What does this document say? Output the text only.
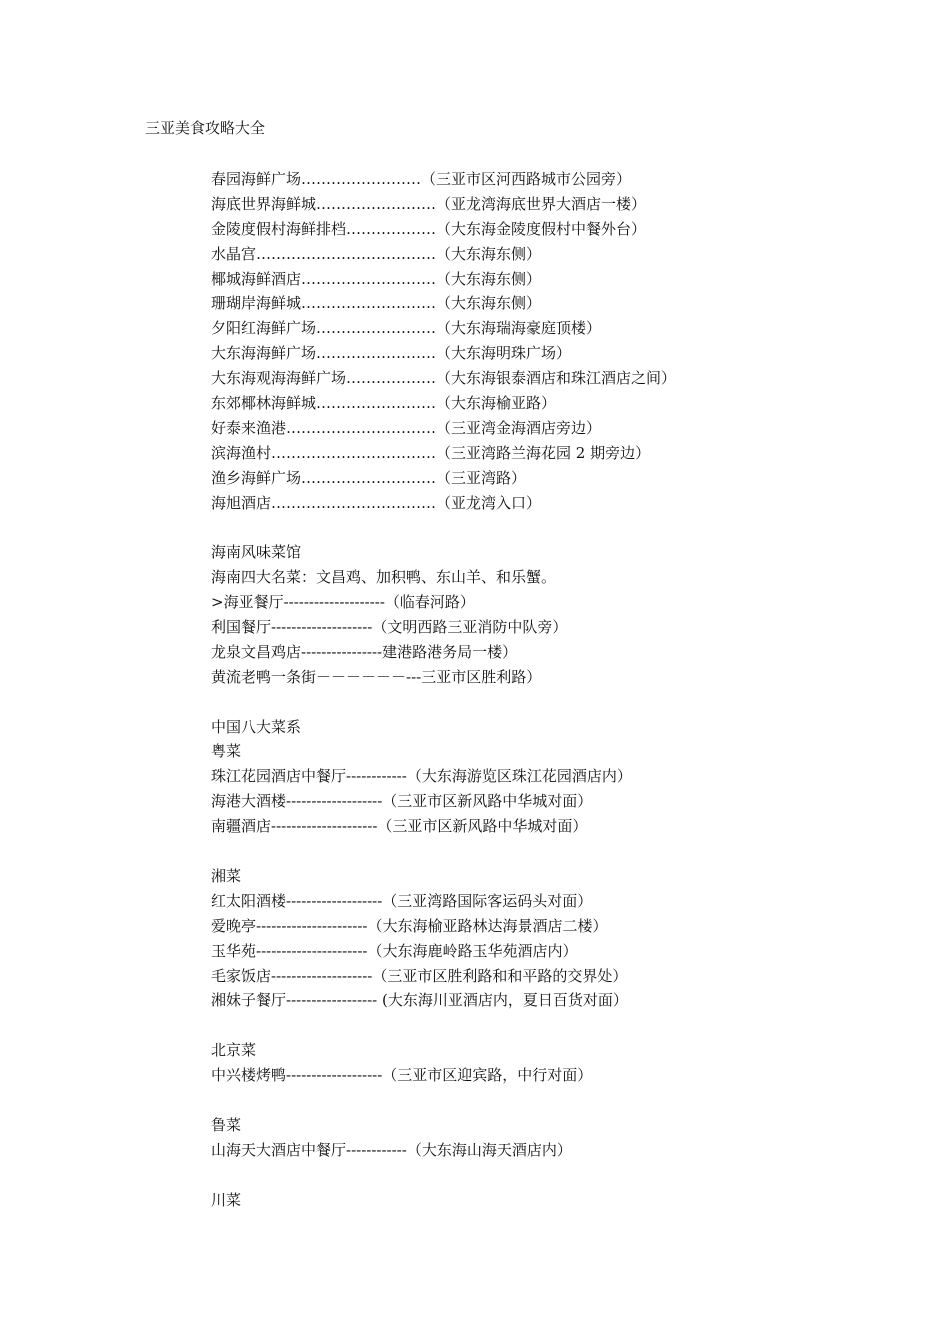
三亚美食攻略大全
春园海鲜广场……………………（三亚市区河西路城市公园旁）
海底世界海鲜城……………………（亚龙湾海底世界大酒店一楼）
金陵度假村海鲜排档………………（大东海金陵度假村中餐外台）
水晶宫………………………………（大东海东侧）
椰城海鲜酒店………………………（大东海东侧）
珊瑚岸海鲜城………………………（大东海东侧）
夕阳红海鲜广场……………………（大东海瑞海豪庭顶楼）
大东海海鲜广场……………………（大东海明珠广场）
大东海观海海鲜广场………………（大东海银泰酒店和珠江酒店之间）
东郊椰林海鲜城……………………（大东海榆亚路）
好泰来渔港…………………………（三亚湾金海酒店旁边）
滨海渔村……………………………（三亚湾路兰海花园 2 期旁边）
渔乡海鲜广场………………………（三亚湾路）
海旭酒店……………………………（亚龙湾入口）
海南风味菜馆
海南四大名菜：文昌鸡、加积鸭、东山羊、和乐蟹。
>海亚餐厅--------------------（临春河路）
利国餐厅--------------------（文明西路三亚消防中队旁）
龙泉文昌鸡店----------------建港路港务局一楼）
黄流老鸭一条街－－－－－－---三亚市区胜利路）
中国八大菜系
粤菜
珠江花园酒店中餐厅------------（大东海游览区珠江花园酒店内）
海港大酒楼-------------------（三亚市区新风路中华城对面）
南疆酒店---------------------（三亚市区新风路中华城对面）
湘菜
红太阳酒楼-------------------（三亚湾路国际客运码头对面）
爱晚亭----------------------（大东海榆亚路林达海景酒店二楼）
玉华苑----------------------（大东海鹿岭路玉华苑酒店内）
毛家饭店--------------------（三亚市区胜利路和和平路的交界处）
湘妹子餐厅------------------ (大东海川亚酒店内，夏日百货对面）
北京菜
中兴楼烤鸭-------------------（三亚市区迎宾路，中行对面）
鲁菜
山海天大酒店中餐厅------------（大东海山海天酒店内）
川菜
